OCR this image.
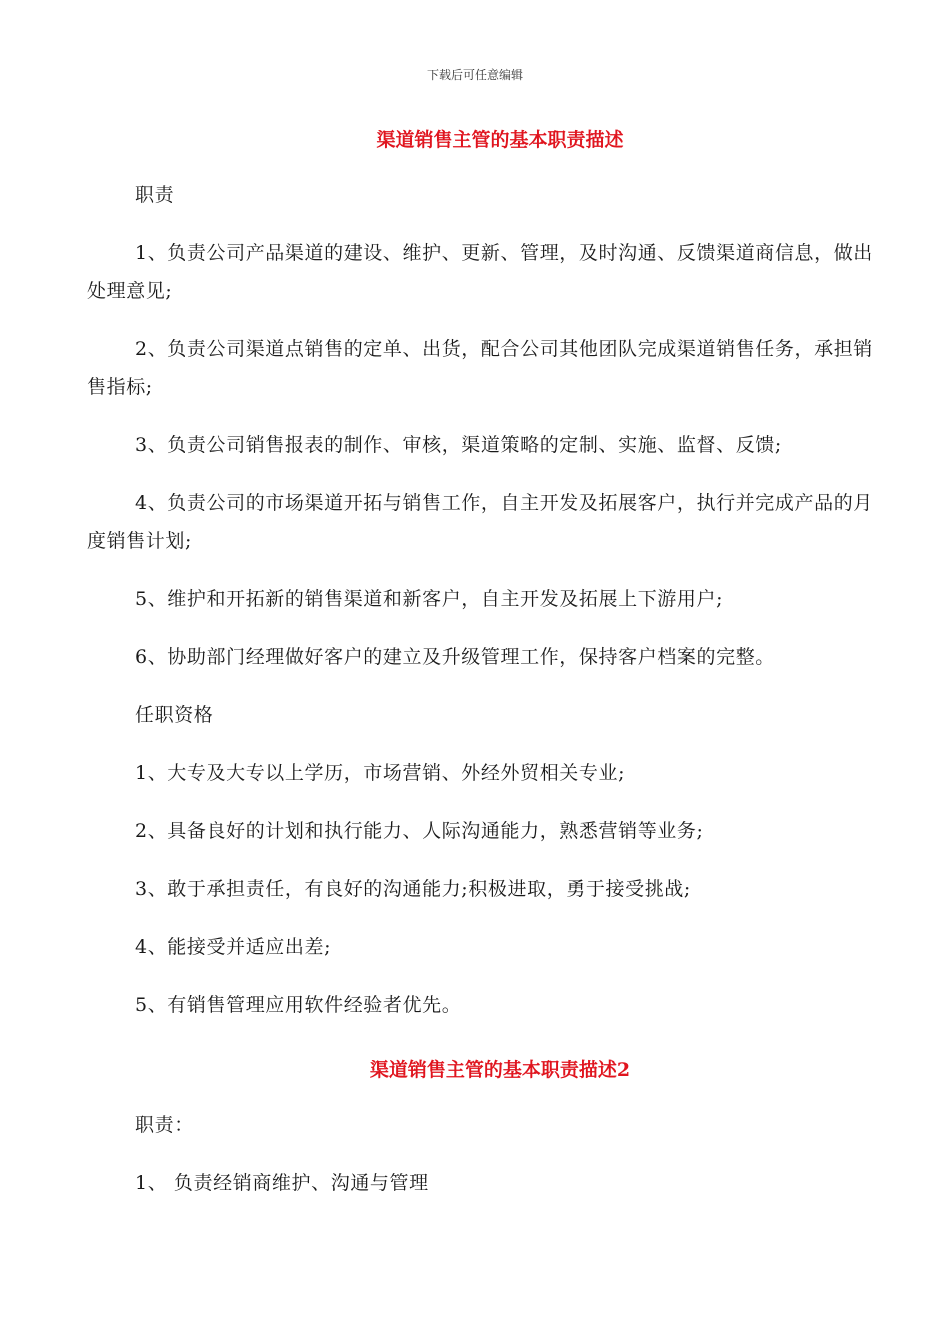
下载后可任意编辑
渠道销售主管的基本职责描述
职责
1、负责公司产品渠道的建设、维护、更新、管理，及时沟通、反馈渠道商信息，做出处理意见;
2、负责公司渠道点销售的定单、出货，配合公司其他团队完成渠道销售任务，承担销售指标;
3、负责公司销售报表的制作、审核，渠道策略的定制、实施、监督、反馈;
4、负责公司的市场渠道开拓与销售工作，自主开发及拓展客户，执行并完成产品的月度销售计划;
5、维护和开拓新的销售渠道和新客户，自主开发及拓展上下游用户;
6、协助部门经理做好客户的建立及升级管理工作，保持客户档案的完整。
任职资格
1、大专及大专以上学历，市场营销、外经外贸相关专业;
2、具备良好的计划和执行能力、人际沟通能力，熟悉营销等业务;
3、敢于承担责任，有良好的沟通能力;积极进取，勇于接受挑战;
4、能接受并适应出差;
5、有销售管理应用软件经验者优先。
渠道销售主管的基本职责描述2
职责：
1、 负责经销商维护、沟通与管理
